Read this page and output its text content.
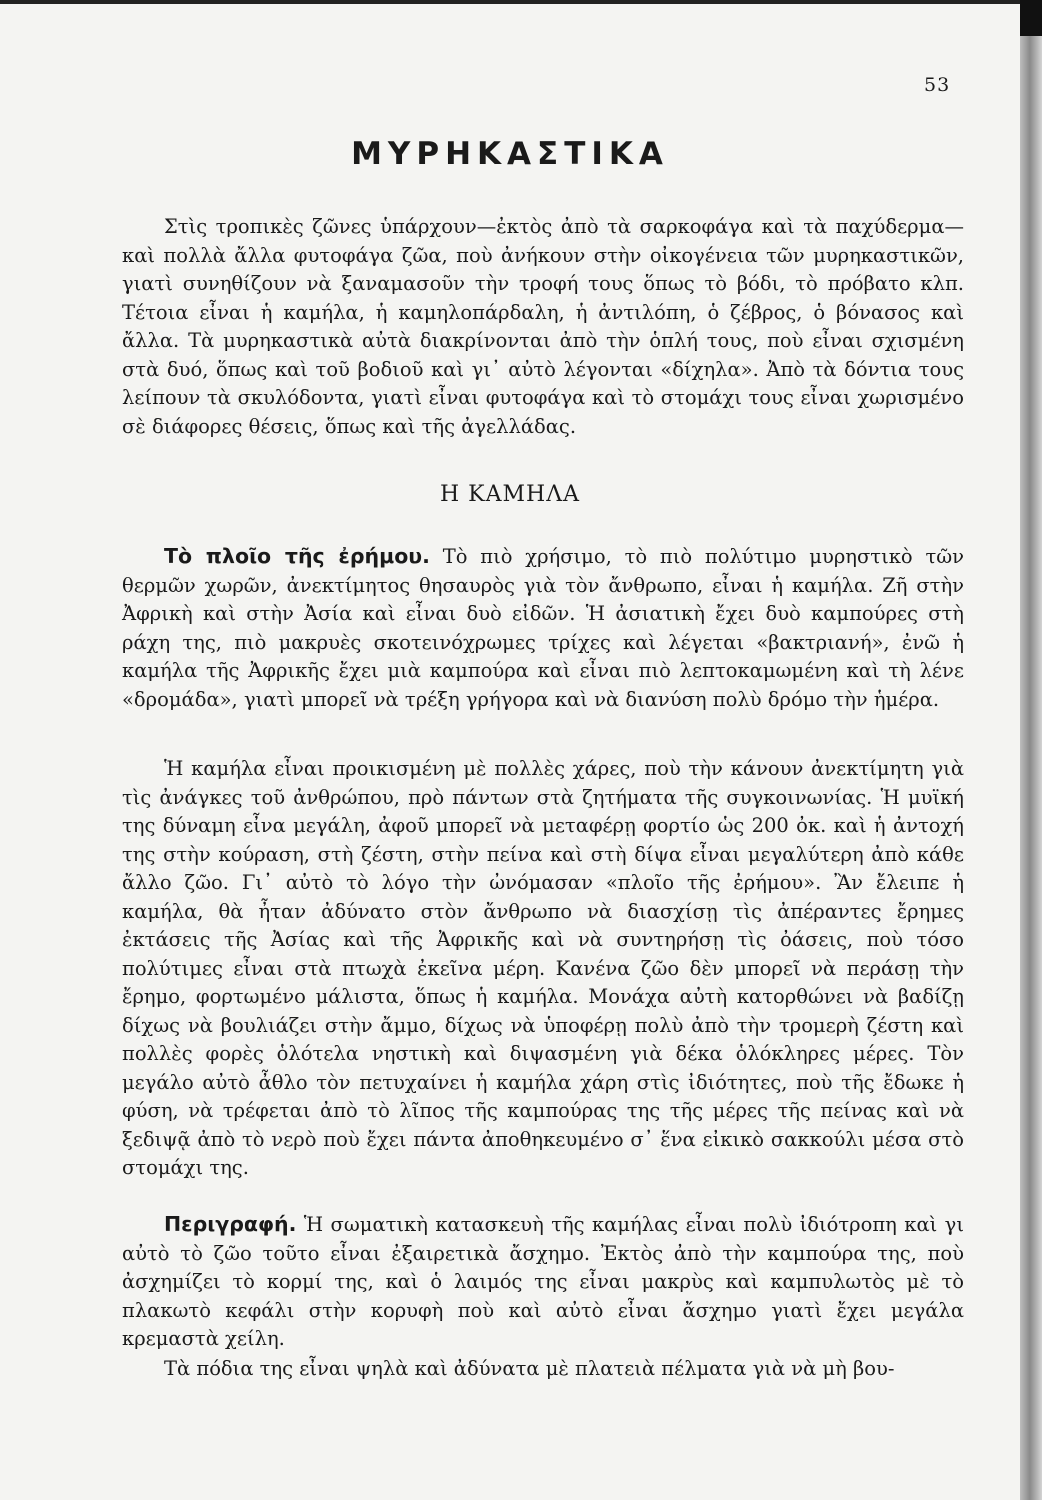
53
ΜΥΡΗΚΑΣΤΙΚΑ

Στὶς τροπικὲς ζῶνες ὑπάρχουν—ἐκτὸς ἀπὸ τὰ σαρκοφάγα καὶ τὰ παχύδερμα—καὶ πολλὰ ἄλλα φυτοφάγα ζῶα, ποὺ ἀνήκουν στὴν οἰκογένεια τῶν μυρηκαστικῶν, γιατὶ συνηθίζουν νὰ ξαναμασοῦν τὴν τροφή τους ὅπως τὸ βόδι, τὸ πρόβατο κλπ. Τέτοια εἶναι ἡ καμήλα, ἡ καμηλοπάρδαλη, ἡ ἀντιλόπη, ὁ ζέβρος, ὁ βόνασος καὶ ἄλλα. Τὰ μυρηκαστικὰ αὐτὰ διακρίνονται ἀπὸ τὴν ὁπλή τους, ποὺ εἶναι σχισμένη στὰ δυό, ὅπως καὶ τοῦ βοδιοῦ καὶ γι᾽ αὐτὸ λέγονται «δίχηλα». Ἀπὸ τὰ δόντια τους λείπουν τὰ σκυλόδοντα, γιατὶ εἶναι φυτοφάγα καὶ τὸ στομάχι τους εἶναι χωρισμένο σὲ διάφορες θέσεις, ὅπως καὶ τῆς ἀγελλάδας.

Η ΚΑΜΗΛΑ

Τὸ πλοῖο τῆς ἐρήμου. Τὸ πιὸ χρήσιμο, τὸ πιὸ πολύτιμο μυρηστικὸ τῶν θερμῶν χωρῶν, ἀνεκτίμητος θησαυρὸς γιὰ τὸν ἄνθρωπο, εἶναι ἡ καμήλα. Ζῆ στὴν Ἀφρικὴ καὶ στὴν Ἀσία καὶ εἶναι δυὸ εἰδῶν. Ἡ ἀσιατικὴ ἔχει δυὸ καμπούρες στὴ ράχη της, πιὸ μακρυὲς σκοτεινόχρωμες τρίχες καὶ λέγεται «βακτριανή», ἐνῶ ἡ καμήλα τῆς Ἀφρικῆς ἔχει μιὰ καμπούρα καὶ εἶναι πιὸ λεπτοκαμωμένη καὶ τὴ λένε «δρομάδα», γιατὶ μπορεῖ νὰ τρέξη γρήγορα καὶ νὰ διανύση πολὺ δρόμο τὴν ἡμέρα.

Ἡ καμήλα εἶναι προικισμένη μὲ πολλὲς χάρες, ποὺ τὴν κάνουν ἀνεκτίμητη γιὰ τὶς ἀνάγκες τοῦ ἀνθρώπου, πρὸ πάντων στὰ ζητήματα τῆς συγκοινωνίας. Ἡ μυϊκή της δύναμη εἶνα μεγάλη, ἀφοῦ μπορεῖ νὰ μεταφέρῃ φορτίο ὡς 200 ὀκ. καὶ ἡ ἀντοχή της στὴν κούραση, στὴ ζέστη, στὴν πείνα καὶ στὴ δίψα εἶναι μεγαλύτερη ἀπὸ κάθε ἄλλο ζῶο. Γι᾽ αὐτὸ τὸ λόγο τὴν ὠνόμασαν «πλοῖο τῆς ἐρήμου». Ἂν ἔλειπε ἡ καμήλα, θὰ ἦταν ἀδύνατο στὸν ἄνθρωπο νὰ διασχίσῃ τὶς ἀπέραντες ἔρημες ἐκτάσεις τῆς Ἀσίας καὶ τῆς Ἀφρικῆς καὶ νὰ συντηρήσῃ τὶς ὀάσεις, ποὺ τόσο πολύτιμες εἶναι στὰ πτωχὰ ἐκεῖνα μέρη. Κανένα ζῶο δὲν μπορεῖ νὰ περάσῃ τὴν ἔρημο, φορτωμένο μάλιστα, ὅπως ἡ καμήλα. Μονάχα αὐτὴ κατορθώνει νὰ βαδίζῃ δίχως νὰ βουλιάζει στὴν ἄμμο, δίχως νὰ ὑποφέρῃ πολὺ ἀπὸ τὴν τρομερὴ ζέστη καὶ πολλὲς φορὲς ὁλότελα νηστικὴ καὶ διψασμένη γιὰ δέκα ὁλόκληρες μέρες. Τὸν μεγάλο αὐτὸ ἆθλο τὸν πετυχαίνει ἡ καμήλα χάρη στὶς ἰδιότητες, ποὺ τῆς ἔδωκε ἡ φύση, νὰ τρέφεται ἀπὸ τὸ λῖπος τῆς καμπούρας της τῆς μέρες τῆς πείνας καὶ νὰ ξεδιψᾷ ἀπὸ τὸ νερὸ ποὺ ἔχει πάντα ἀποθηκευμένο σ᾽ ἕνα εἰκικὸ σακκούλι μέσα στὸ στομάχι της.

Περιγραφή. Ἡ σωματικὴ κατασκευὴ τῆς καμήλας εἶναι πολὺ ἰδιότροπη καὶ γι αὐτὸ τὸ ζῶο τοῦτο εἶναι ἐξαιρετικὰ ἄσχημο. Ἐκτὸς ἀπὸ τὴν καμπούρα της, ποὺ ἀσχημίζει τὸ κορμί της, καὶ ὁ λαιμός της εἶναι μακρὺς καὶ καμπυλωτὸς μὲ τὸ πλακωτὸ κεφάλι στὴν κορυφὴ ποὺ καὶ αὐτὸ εἶναι ἄσχημο γιατὶ ἔχει μεγάλα κρεμαστὰ χείλη.

Τὰ πόδια της εἶναι ψηλὰ καὶ ἀδύνατα μὲ πλατειὰ πέλματα γιὰ νὰ μὴ βου-
